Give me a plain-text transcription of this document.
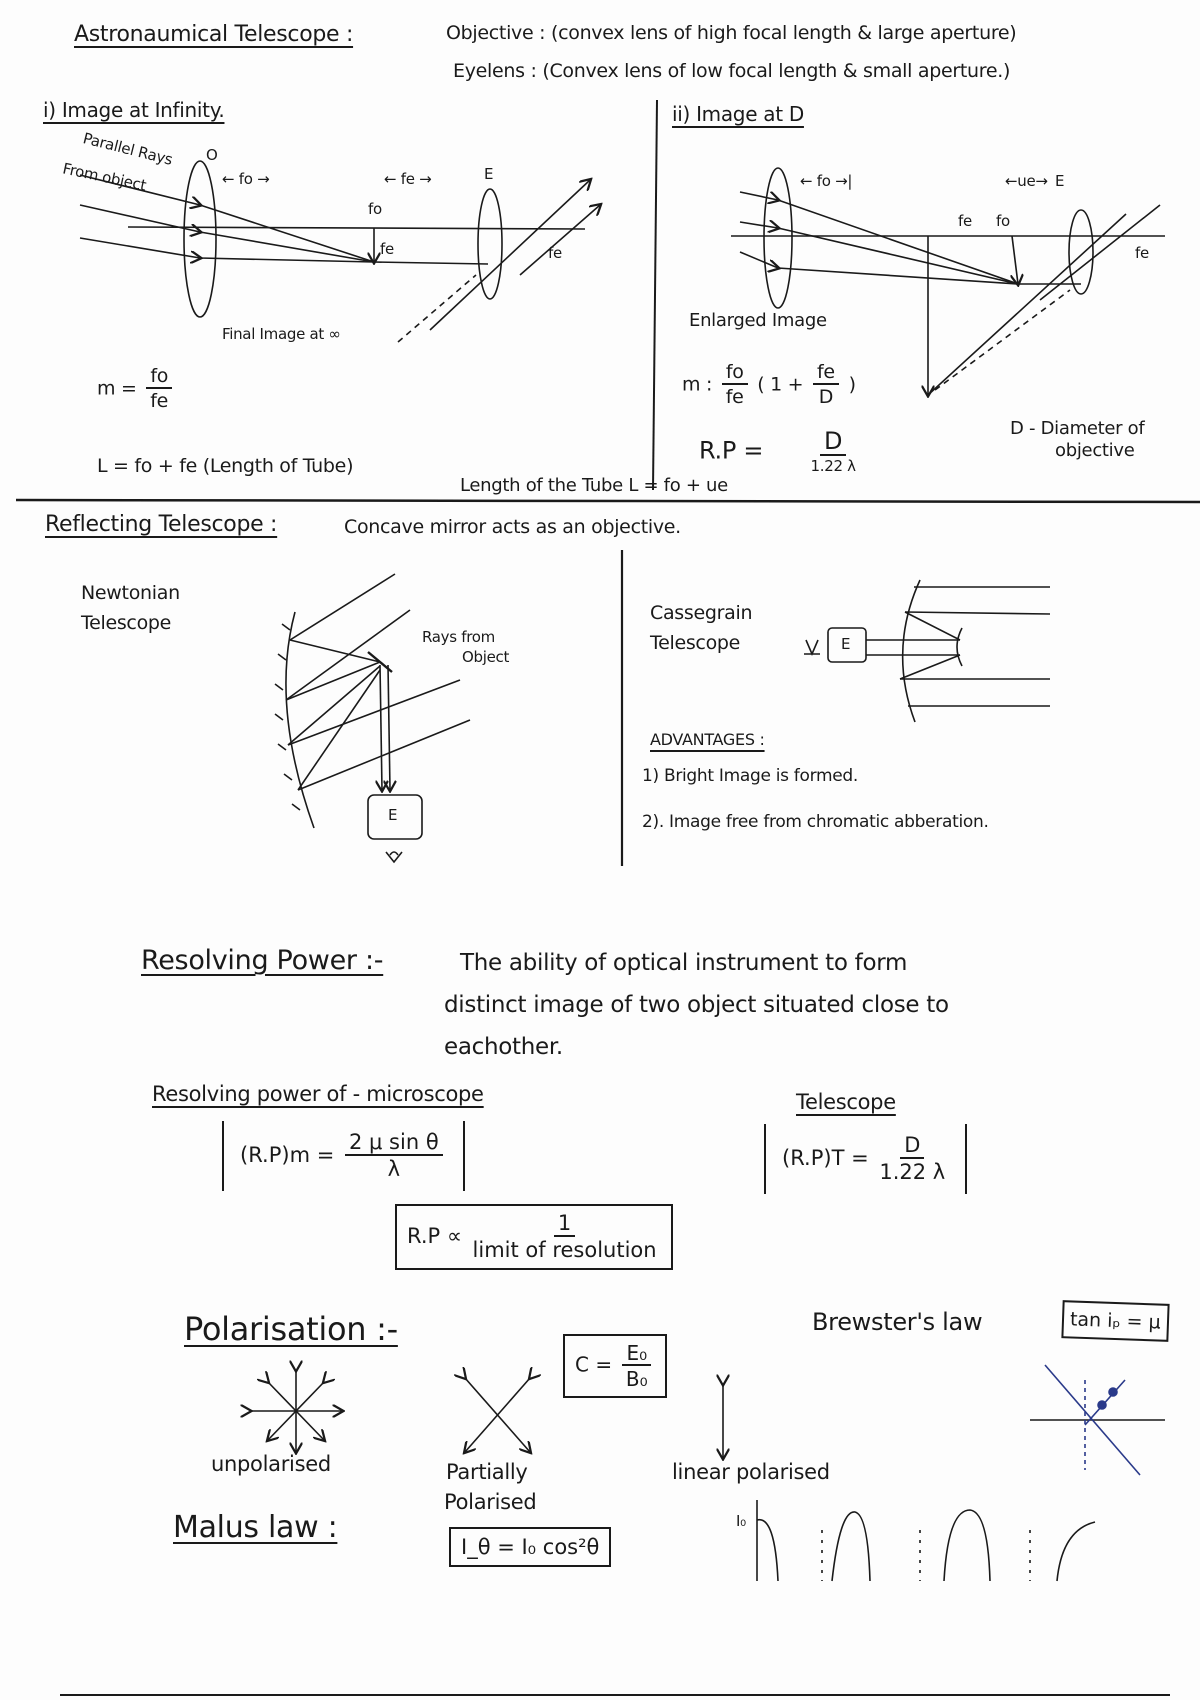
Astronaumical Telescope :	Objective : (convex lens of high focal length & large aperture)
Eyelens : (Convex lens of low focal length & small aperture.)
i) Image at Infinity.
Parallel Rays
From object
O
← fo →	← fe →	E
fo
fe	fe
Final Image at ∞
$m = \frac{fo}{fe}$
L = fo + fe (Length of Tube)
ii) Image at D
← fo →|	←ue→ E
fe fo
fe
Enlarged Image
m : $\frac{fo}{fe}$ ( $1 + \frac{fe}{D}$ )
$R.P = \frac{D}{1.22 \lambda}$	D - Diameter of
objective
Length of the Tube L = fo + ue
Reflecting Telescope :	Concave mirror acts as an objective.
Newtonian
Telescope
Rays from
Object
E
Cassegrain
Telescope	E
ADVANTAGES :
1) Bright Image is formed.
2). Image free from chromatic abberation.
Resolving Power :-	The ability of optical instrument to form
distinct image of two object situated close to
eachother.
Resolving power of - microscope
$(R.P)m = \frac{\text{2 μ sin θ}}{\lambda}$
Telescope
$(R.P)T = \frac{D}{1.22 \lambda}$
$R.P \propto \frac{1}{\text{limit of resolution}}$
Polarisation :-
$C = \frac{\text{E₀}}{\text{B₀}}$
unpolarised	Partially
Polarised
linear polarised
Brewster's law	tan iₚ = μ
Malus law :
I_θ = I₀ cos²θ
I₀
